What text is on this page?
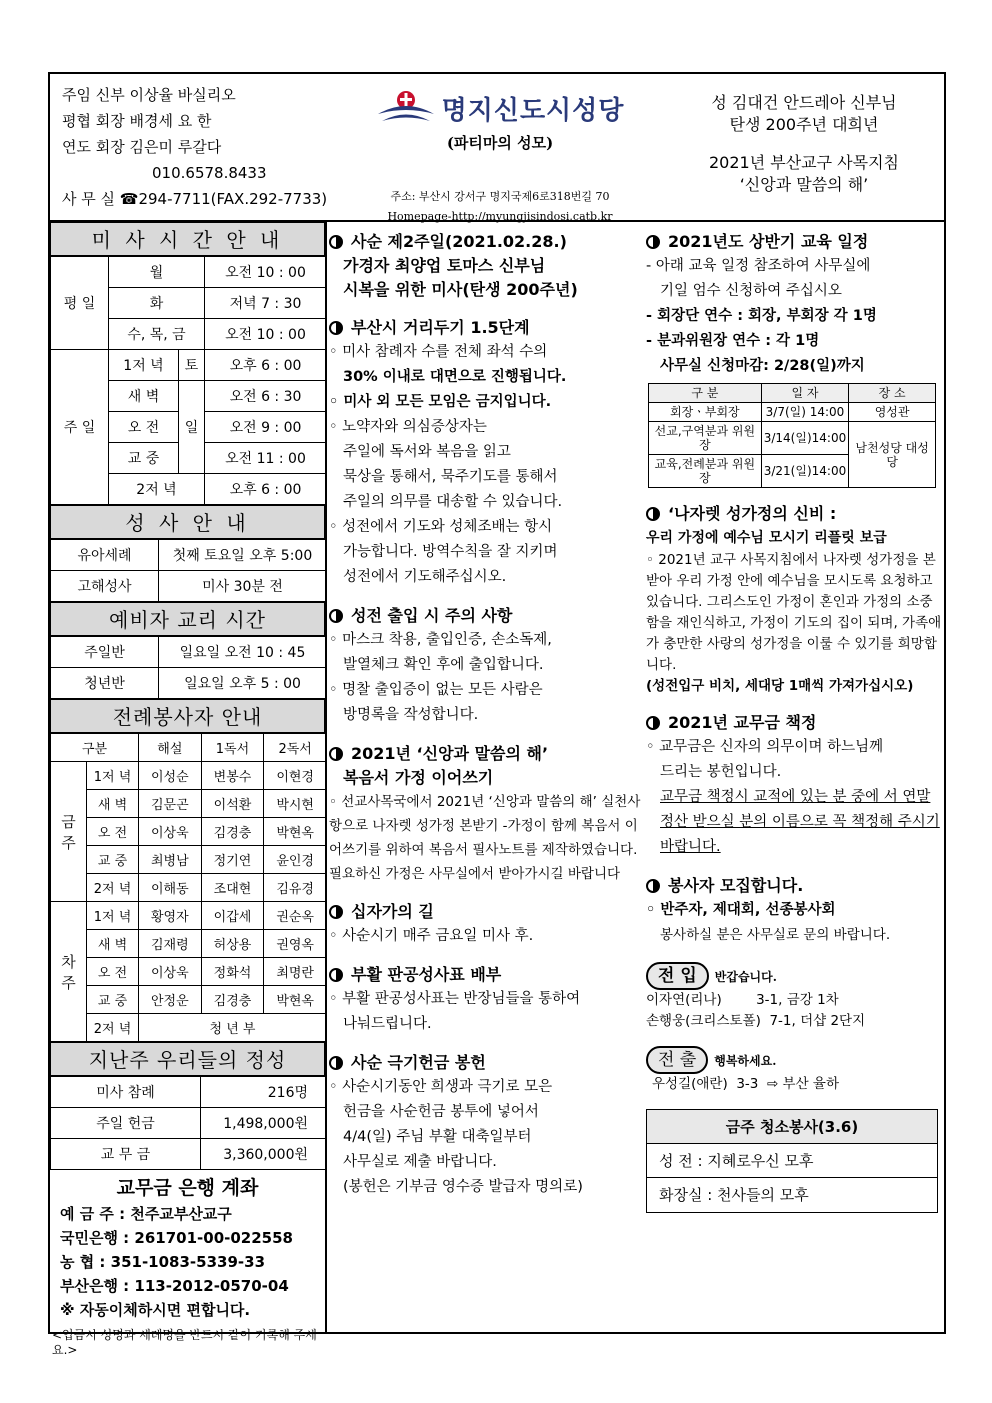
주임 신부 이상율 바실리오
평협 회장 배경세 요 한
연도 회장 김은미 루갈다
010.6578.8433
사 무 실 ☎294-7711(FAX.292-7733)
명지신도시성당
(파티마의 성모)
주소: 부산시 강서구 명지국제6로318번길 70
Homepage-http://myungjisindosi.catb.kr
성 김대건 안드레아 신부님
탄생 200주년 대희년
2021년 부산교구 사목지침
‘신앙과 말씀의 해’
미 사 시 간 안 내
평 일	월		오전 10 : 00
	화		저녁 7 : 30
	수, 목, 금		오전 10 : 00
주 일	1저 녁	토	오후 6 : 00
	새 벽	일	오전 6 : 30
	오 전		오전 9 : 00
	교 중		오전 11 : 00
	2저 녁		오후 6 : 00
성 사 안 내
유아세례	첫째 토요일 오후 5:00
고해성사	미사 30분 전
예비자 교리 시간
주일반	일요일 오전 10 : 45
청년반	일요일 오후 5 : 00
전례봉사자 안내
구분		해설	1독서	2독서
금
주	1저 녁	이성순	변봉수	이현경
	새 벽	김문곤	이석환	박시현
	오 전	이상욱	김경충	박현옥
	교 중	최병남	정기연	윤인경
	2저 녁	이해동	조대현	김유경
차
주	1저 녁	황영자	이갑세	권순옥
	새 벽	김재령	허상용	권영옥
	오 전	이상욱	정화석	최명란
	교 중	안정운	김경충	박현옥
	2저 녁	청 년 부		
지난주 우리들의 정성
미사 참례	216명
주일 헌금	1,498,000원
교 무 금	3,360,000원
교무금 은행 계좌
예 금 주 : 천주교부산교구
국민은행 : 261701-00-022558
농 협 : 351-1083-5339-33
부산은행 : 113-2012-0570-04
※ 자동이체하시면 편합니다.
<입금시 성명과 세례명을 반드시 같이 기록해 주세요.>
사순 제2주일(2021.02.28.)
가경자 최양업 토마스 신부님
시복을 위한 미사(탄생 200주년)
부산시 거리두기 1.5단계
◦ 미사 참례자 수를 전체 좌석 수의
30% 이내로 대면으로 진행됩니다.
◦ 미사 외 모든 모임은 금지입니다.
◦ 노약자와 의심증상자는
주일에 독서와 복음을 읽고
묵상을 통해서, 묵주기도를 통해서
주일의 의무를 대송할 수 있습니다.
◦ 성전에서 기도와 성체조배는 항시
가능합니다. 방역수칙을 잘 지키며
성전에서 기도해주십시오.
성전 출입 시 주의 사항
◦ 마스크 착용, 출입인증, 손소독제,
발열체크 확인 후에 출입합니다.
◦ 명찰 출입증이 없는 모든 사람은
방명록을 작성합니다.
2021년 ‘신앙과 말씀의 해’
복음서 가정 이어쓰기
◦ 선교사목국에서 2021년 ‘신앙과 말씀의 해’ 실천사항으로 나자렛 성가정 본받기 -가정이 함께 복음서 이어쓰기를 위하여 복음서 필사노트를 제작하였습니다. 필요하신 가정은 사무실에서 받아가시길 바랍니다
십자가의 길
◦ 사순시기 매주 금요일 미사 후.
부활 판공성사표 배부
◦ 부활 판공성사표는 반장님들을 통하여
나눠드립니다.
사순 극기헌금 봉헌
◦ 사순시기동안 희생과 극기로 모은
헌금을 사순헌금 봉투에 넣어서
4/4(일) 주님 부활 대축일부터
사무실로 제출 바랍니다.
(봉헌은 기부금 영수증 발급자 명의로)
2021년도 상반기 교육 일정
- 아래 교육 일정 참조하여 사무실에
기일 엄수 신청하여 주십시오
- 회장단 연수 : 회장, 부회장 각 1명
- 분과위원장 연수 : 각 1명
사무실 신청마감: 2/28(일)까지
구 분	일 자	장 소
회장ㆍ부회장	3/7(일) 14:00	영성관
선교,구역분과 위원장	3/14(일)14:00	남천성당 대성당
교육,전례분과 위원장	3/21(일)14:00	
‘나자렛 성가정의 신비 :
우리 가정에 예수님 모시기 리플릿 보급
◦ 2021년 교구 사목지침에서 나자렛 성가정을 본받아 우리 가정 안에 예수님을 모시도록 요청하고 있습니다. 그리스도인 가정이 혼인과 가정의 소중함을 재인식하고, 가정이 기도의 집이 되며, 가족애가 충만한 사랑의 성가정을 이룰 수 있기를 희망합니다.
(성전입구 비치, 세대당 1매씩 가져가십시오)
2021년 교무금 책정
◦ 교무금은 신자의 의무이며 하느님께
드리는 봉헌입니다.
교무금 책정시 교적에 있는 분 중에 서 연말정산 받으실 분의 이름으로 꼭 책정해 주시기 바랍니다.
봉사자 모집합니다.
◦ 반주자, 제대회, 선종봉사회
봉사하실 분은 사무실로 문의 바랍니다.
전 입 반갑습니다.
이자연(리나)        3-1, 금강 1차
손행웅(크리스토폴)  7-1, 더샵 2단지
전 출 행복하세요.
우성길(애란)  3-3  ⇨ 부산 율하
금주 청소봉사(3.6)
성 전 : 지혜로우신 모후
화장실 : 천사들의 모후
